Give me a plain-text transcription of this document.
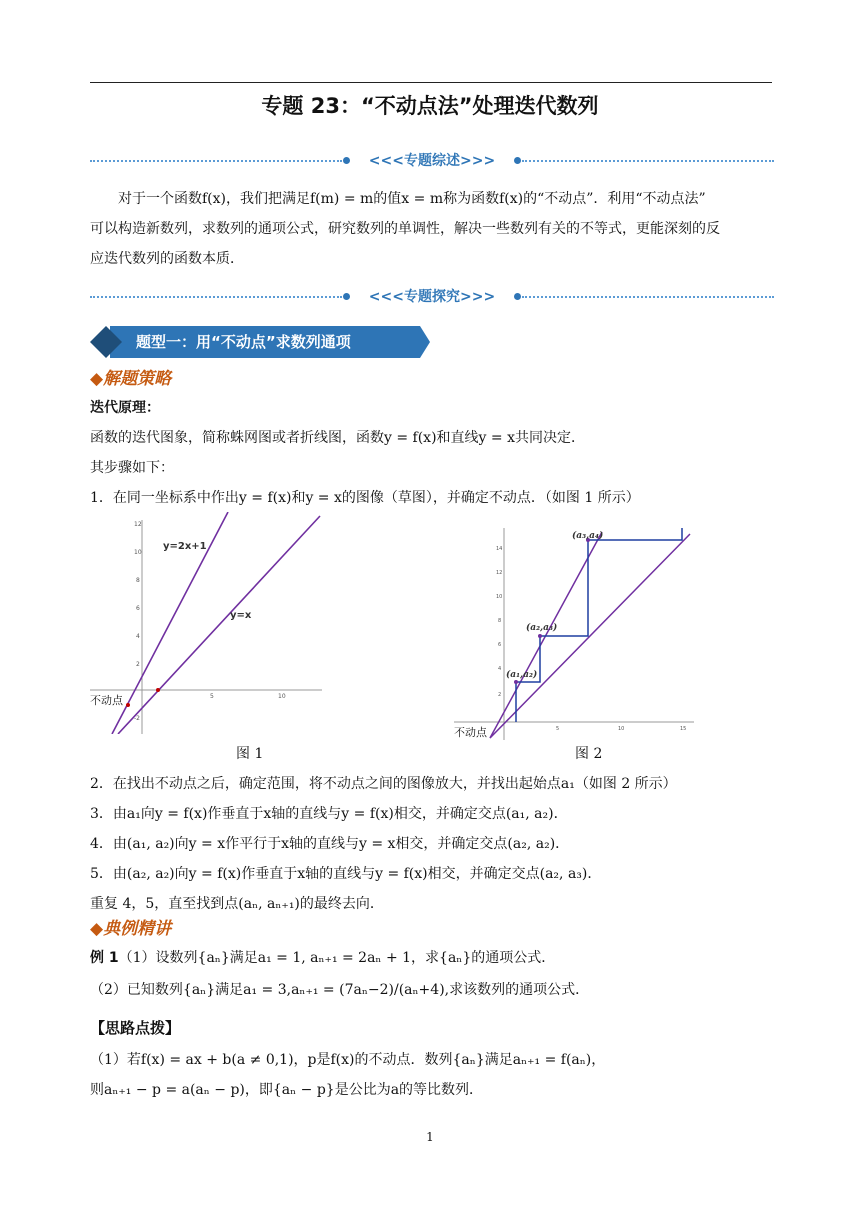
专题 23：“不动点法”处理迭代数列
<<<专题综述>>>
对于一个函数f(x)，我们把满足f(m) = m的值x = m称为函数f(x)的“不动点”．利用“不动点法”
可以构造新数列，求数列的通项公式，研究数列的单调性，解决一些数列有关的不等式，更能深刻的反
应迭代数列的函数本质．
<<<专题探究>>>
题型一：用“不动点”求数列通项
◆解题策略
迭代原理：
函数的迭代图象，简称蛛网图或者折线图，函数y = f(x)和直线y = x共同决定．
其步骤如下：
1．在同一坐标系中作出y = f(x)和y = x的图像（草图），并确定不动点．（如图 1 所示）
12
10
8
6
4
2
-2
5	10
y=2x+1
y=x
不动点
图 1
14
12
10
8
6
4
2
5	10	15
(a₁,a₂)
(a₂,a₃)
(a₃,a₄)
不动点
图 2
2．在找出不动点之后，确定范围，将不动点之间的图像放大，并找出起始点a₁（如图 2 所示）
3．由a₁向y = f(x)作垂直于x轴的直线与y = f(x)相交，并确定交点(a₁, a₂)．
4．由(a₁, a₂)向y = x作平行于x轴的直线与y = x相交，并确定交点(a₂, a₂)．
5．由(a₂, a₂)向y = f(x)作垂直于x轴的直线与y = f(x)相交，并确定交点(a₂, a₃)．
重复 4，5，直至找到点(aₙ, aₙ₊₁)的最终去向．
◆典例精讲
例 1（1）设数列{aₙ}满足a₁ = 1, aₙ₊₁ = 2aₙ + 1，求{aₙ}的通项公式．
（2）已知数列{aₙ}满足a₁ = 3,aₙ₊₁ = (7aₙ−2)/(aₙ+4),求该数列的通项公式．
【思路点拨】
（1）若f(x) = ax + b(a ≠ 0,1)，p是f(x)的不动点．数列{aₙ}满足aₙ₊₁ = f(aₙ)，
则aₙ₊₁ − p = a(aₙ − p)，即{aₙ − p}是公比为a的等比数列．
1
